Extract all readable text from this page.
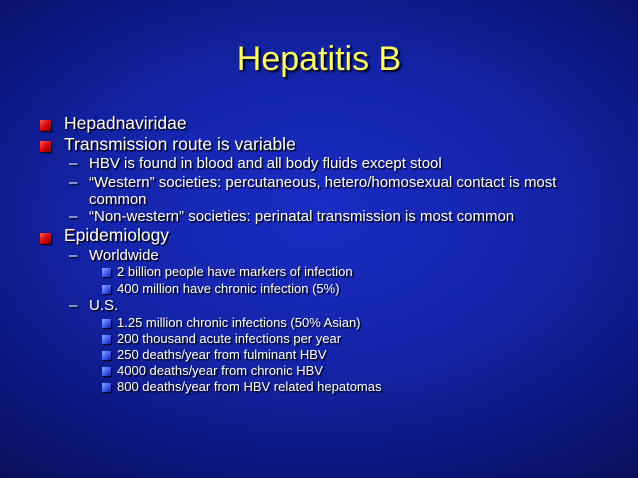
Hepatitis B
Hepadnaviridae
Transmission route is variable
– HBV is found in blood and all body fluids except stool
– “Western” societies: percutaneous, hetero/homosexual contact is most
common
– “Non-western” societies: perinatal transmission is most common
Epidemiology
– Worldwide
2 billion people have markers of infection
400 million have chronic infection (5%)
– U.S.
1.25 million chronic infections (50% Asian)
200 thousand acute infections per year
250 deaths/year from fulminant HBV
4000 deaths/year from chronic HBV
800 deaths/year from HBV related hepatomas
